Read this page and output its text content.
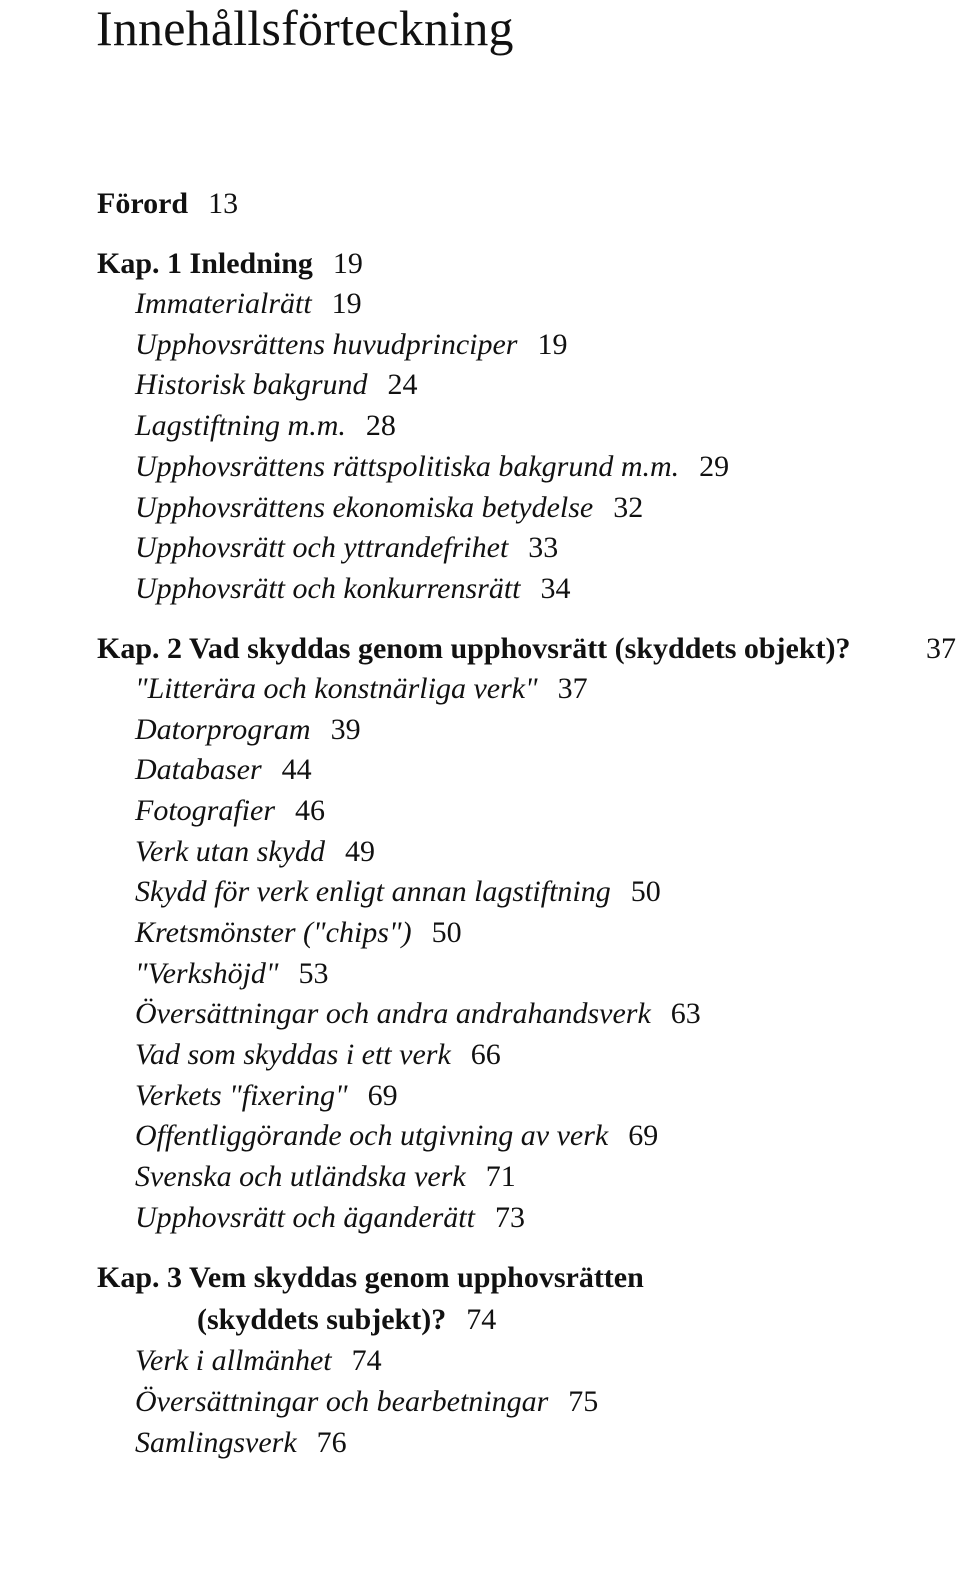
Innehållsförteckning
Förord 13
Kap. 1 Inledning 19
Immaterialrätt 19
Upphovsrättens huvudprinciper 19
Historisk bakgrund 24
Lagstiftning m.m. 28
Upphovsrättens rättspolitiska bakgrund m.m. 29
Upphovsrättens ekonomiska betydelse 32
Upphovsrätt och yttrandefrihet 33
Upphovsrätt och konkurrensrätt 34
Kap. 2 Vad skyddas genom upphovsrätt (skyddets objekt)?	37
"Litterära och konstnärliga verk" 37
Datorprogram 39
Databaser 44
Fotografier 46
Verk utan skydd 49
Skydd för verk enligt annan lagstiftning 50
Kretsmönster ("chips") 50
"Verkshöjd" 53
Översättningar och andra andrahandsverk 63
Vad som skyddas i ett verk 66
Verkets "fixering" 69
Offentliggörande och utgivning av verk 69
Svenska och utländska verk 71
Upphovsrätt och äganderätt 73
Kap. 3 Vem skyddas genom upphovsrätten
(skyddets subjekt)? 74
Verk i allmänhet 74
Översättningar och bearbetningar 75
Samlingsverk 76
